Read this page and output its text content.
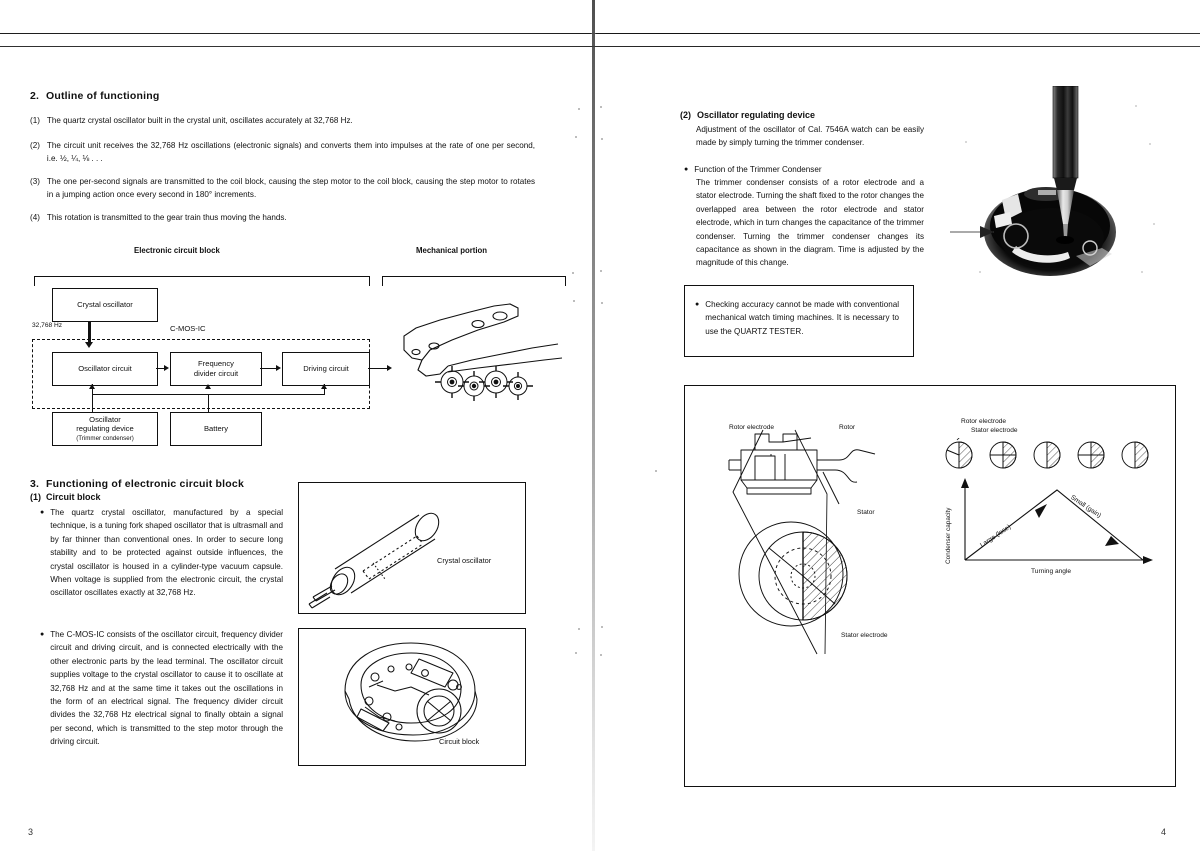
3	4
2. Outline of functioning
(1) The quartz crystal oscillator built in the crystal unit, oscillates accurately at 32,768 Hz.
(2) The circuit unit receives the 32,768 Hz oscillations (electronic signals) and converts them into impulses at the rate of one per second, i.e. ½, ¼, ⅛ . . .
(3) The one per-second signals are transmitted to the coil block, causing the step motor to the coil block, causing the step motor to rotates in a jumping action once every second in 180° increments.
(4) This rotation is transmitted to the gear train thus moving the hands.
Electronic circuit block	Mechanical portion
Crystal oscillator
32,768 Hz	C-MOS-IC
Oscillator circuit
Frequency
divider circuit
Driving circuit
Oscillator
regulating device
(Trimmer condenser)
Battery
3. Functioning of electronic circuit block
(1) Circuit block
● The quartz crystal oscillator, manufactured by a special technique, is a tuning fork shaped oscillator that is ultrasmall and by far thinner than conventional ones. In order to secure long stability and to be protected against outside influences, the crystal oscillator is housed in a cylinder-type vacuum capsule. When voltage is supplied from the electronic circuit, the crystal oscillator oscillates exactly at 32,768 Hz.
● The C-MOS-IC consists of the oscillator circuit, frequency divider circuit and driving circuit, and is connected electrically with the other electronic parts by the lead terminal. The oscillator circuit supplies voltage to the crystal oscillator to cause it to oscillate at 32,768 Hz and at the same time it takes out the oscillations in the form of an electrical signal. The frequency divider circuit divides the 32,768 Hz electrical signal to finally obtain a signal per second, which is transmitted to the step motor through the driving circuit.
Crystal oscillator
Circuit block
(2) Oscillator regulating device
Adjustment of the oscillator of Cal. 7546A watch can be easily made by simply turning the trimmer condenser.
● Function of the Trimmer Condenser
The trimmer condenser consists of a rotor electrode and a stator electrode. Turning the shaft fixed to the rotor changes the overlapped area between the rotor electrode and stator electrode, which in turn changes the capacitance of the trimmer condenser. Turning the trimmer condenser changes its capacitance as shown in the diagram. Time is adjusted by the magnitude of this change.
● Checking accuracy cannot be made with conventional mechanical watch timing machines. It is necessary to use the QUARTZ TESTER.
Rotor electrode	Rotor
Stator
Stator electrode
Rotor electrode
Stator electrode
Condenser capacity
Turning angle
Large (lose)
Small (gain)
